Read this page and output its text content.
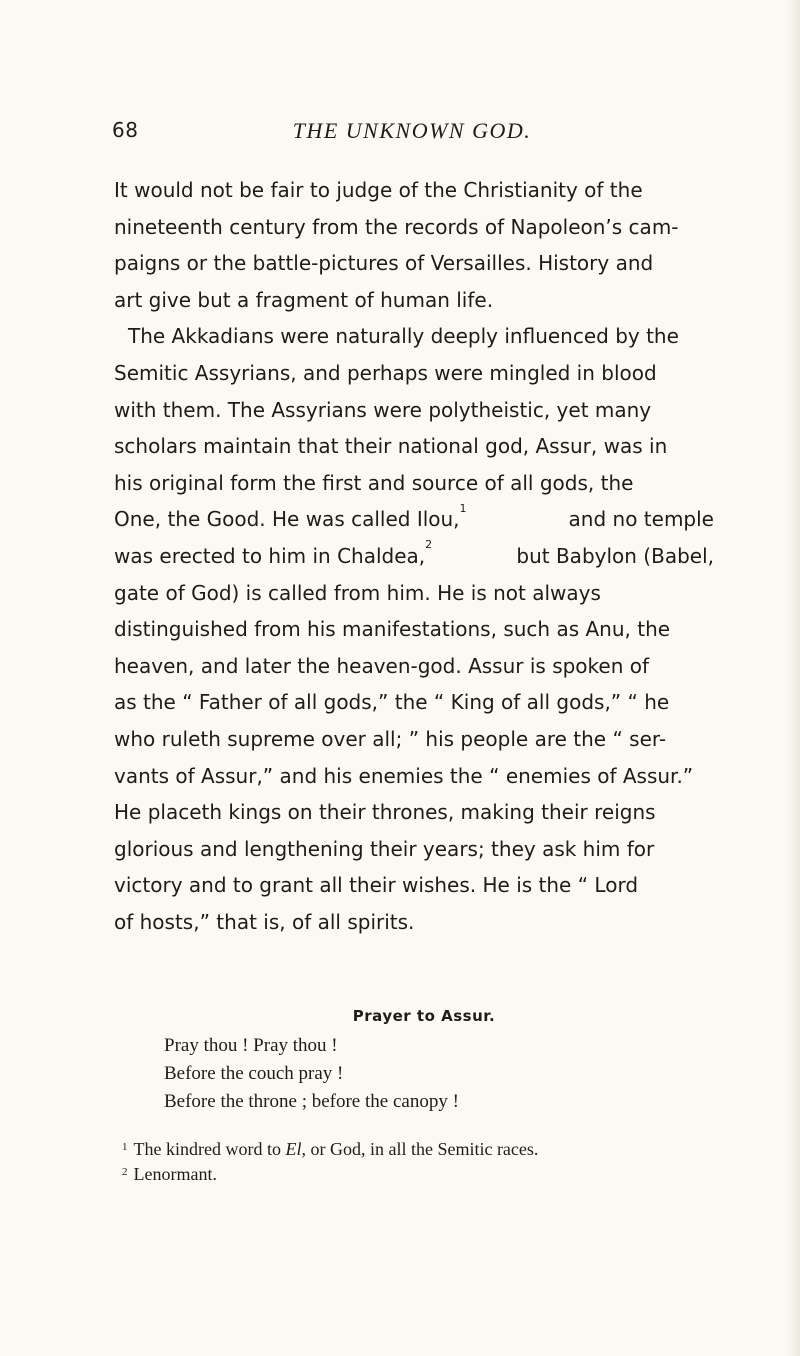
68	THE UNKNOWN GOD.
It would not be fair to judge of the Christianity of the
nineteenth century from the records of Napoleon’s cam-
paigns or the battle-pictures of Versailles. History and
art give but a fragment of human life.
The Akkadians were naturally deeply influenced by the
Semitic Assyrians, and perhaps were mingled in blood
with them. The Assyrians were polytheistic, yet many
scholars maintain that their national god, Assur, was in
his original form the first and source of all gods, the
One, the Good. He was called Ilou,$^1$	and no temple
was erected to him in Chaldea,$^2$	but Babylon (Babel,
gate of God) is called from him. He is not always
distinguished from his manifestations, such as Anu, the
heaven, and later the heaven-god. Assur is spoken of
as the “ Father of all gods,” the “ King of all gods,” “ he
who ruleth supreme over all; ” his people are the “ ser-
vants of Assur,” and his enemies the “ enemies of Assur.”
He placeth kings on their thrones, making their reigns
glorious and lengthening their years; they ask him for
victory and to grant all their wishes. He is the “ Lord
of hosts,” that is, of all spirits.
Prayer to Assur.
Pray thou ! Pray thou !
Before the couch pray !
Before the throne ; before the canopy !
$^1$ The kindred word to El, or God, in all the Semitic races.
$^2$ Lenormant.
